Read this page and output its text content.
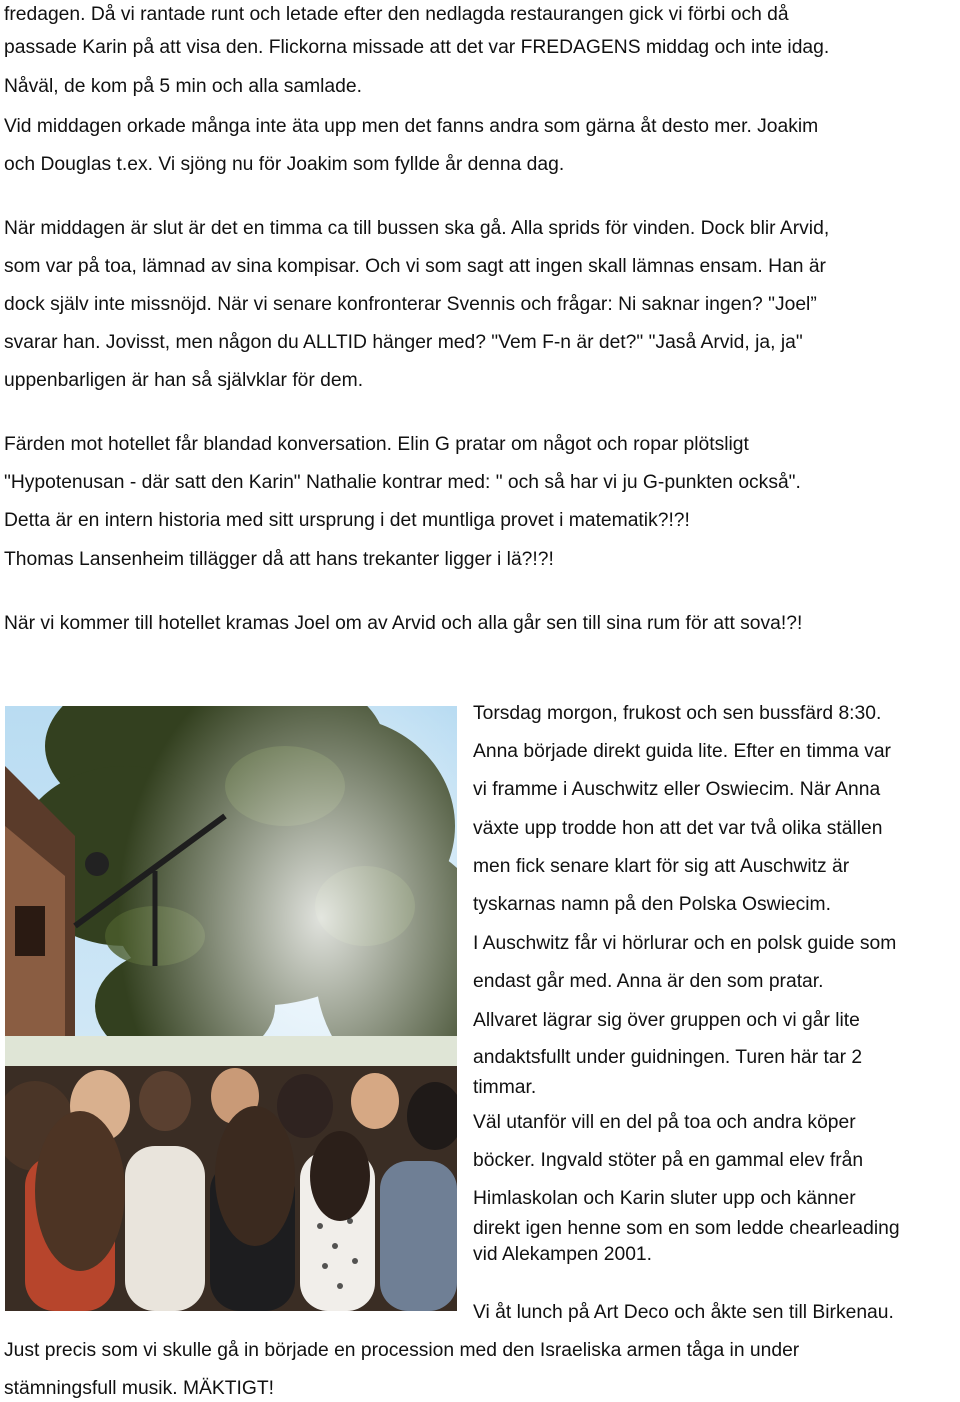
fredagen. Då vi rantade runt och letade efter den nedlagda restaurangen gick vi förbi och då
passade Karin på att visa den. Flickorna missade att det var FREDAGENS middag och inte idag.
Nåväl, de kom på 5 min och alla samlade.
Vid middagen orkade många inte äta upp men det fanns andra som gärna åt desto mer. Joakim
och Douglas t.ex. Vi sjöng nu för Joakim som fyllde år denna dag.
När middagen är slut är det en timma ca till bussen ska gå. Alla sprids för vinden. Dock blir Arvid,
som var på toa, lämnad av sina kompisar. Och vi som sagt att ingen skall lämnas ensam. Han är
dock själv inte missnöjd. När vi senare konfronterar Svennis och frågar: Ni saknar ingen? "Joel”
svarar han. Jovisst, men någon du ALLTID hänger med? "Vem F-n är det?" "Jaså Arvid, ja, ja"
uppenbarligen är han så självklar för dem.
Färden mot hotellet får blandad konversation. Elin G pratar om något och ropar plötsligt
"Hypotenusan - där satt den Karin" Nathalie kontrar med: " och så har vi ju G-punkten också".
Detta är en intern historia med sitt ursprung i det muntliga provet i matematik?!?!
Thomas Lansenheim tillägger då att hans trekanter ligger i lä?!?!
När vi kommer till hotellet kramas Joel om av Arvid och alla går sen till sina rum för att sova!?!
Torsdag morgon, frukost och sen bussfärd 8:30.
Anna började direkt guida lite. Efter en timma var
vi framme i Auschwitz eller Oswiecim. När Anna
växte upp trodde hon att det var två olika ställen
men fick senare klart för sig att Auschwitz är
tyskarnas namn på den Polska Oswiecim.
I Auschwitz får vi hörlurar och en polsk guide som
endast går med. Anna är den som pratar.
Allvaret lägrar sig över gruppen och vi går lite
andaktsfullt under guidningen. Turen här tar 2
timmar.
Väl utanför vill en del på toa och andra köper
böcker. Ingvald stöter på en gammal elev från
Himlaskolan och Karin sluter upp och känner
direkt igen henne som en som ledde chearleading
vid Alekampen 2001.
Vi åt lunch på Art Deco och åkte sen till Birkenau.
Just precis som vi skulle gå in började en procession med den Israeliska armen tåga in under
stämningsfull musik. MÄKTIGT!
